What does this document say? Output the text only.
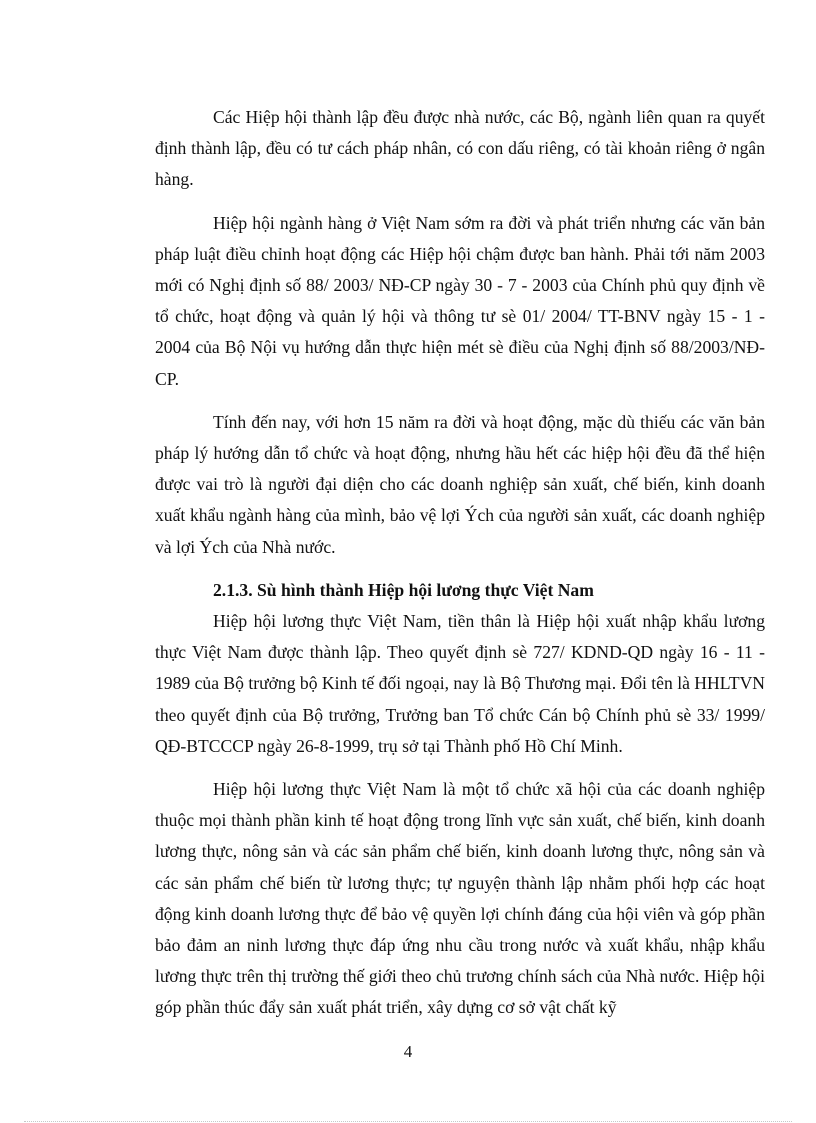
Các Hiệp hội thành lập đều được nhà nước, các Bộ, ngành liên quan ra quyết định thành lập, đều có tư cách pháp nhân, có con dấu riêng, có tài khoản riêng ở ngân hàng.

Hiệp hội ngành hàng ở Việt Nam sớm ra đời và phát triển nhưng các văn bản pháp luật điều chỉnh hoạt động các Hiệp hội chậm được ban hành. Phải tới năm 2003 mới có Nghị định số 88/ 2003/ NĐ-CP ngày 30 - 7 - 2003 của Chính phủ quy định về tổ chức, hoạt động và quản lý hội và thông tư sè 01/ 2004/ TT-BNV ngày 15 - 1 - 2004 của Bộ Nội vụ hướng dẫn thực hiện mét sè điều của Nghị định số 88/2003/NĐ-CP.

Tính đến nay, với hơn 15 năm ra đời và hoạt động, mặc dù thiếu các văn bản pháp lý hướng dẫn tổ chức và hoạt động, nhưng hầu hết các hiệp hội đều đã thể hiện được vai trò là người đại diện cho các doanh nghiệp sản xuất, chế biến, kinh doanh xuất khẩu ngành hàng của mình, bảo vệ lợi Ých của người sản xuất, các doanh nghiệp và lợi Ých của Nhà nước.

2.1.3. Sù hình thành Hiệp hội lương thực Việt Nam

Hiệp hội lương thực Việt Nam, tiền thân là Hiệp hội xuất nhập khẩu lương thực Việt Nam được thành lập. Theo quyết định sè 727/ KDND-QD ngày 16 - 11 - 1989 của Bộ trưởng bộ Kinh tế đối ngoại, nay là Bộ Thương mại. Đổi tên là HHLTVN theo quyết định của Bộ trưởng, Trưởng ban Tổ chức Cán bộ Chính phủ sè 33/ 1999/ QĐ-BTCCCP ngày 26-8-1999, trụ sở tại Thành phố Hồ Chí Minh.

Hiệp hội lương thực Việt Nam là một tổ chức xã hội của các doanh nghiệp thuộc mọi thành phần kinh tế hoạt động trong lĩnh vực sản xuất, chế biến, kinh doanh lương thực, nông sản và các sản phẩm chế biến, kinh doanh lương thực, nông sản và các sản phẩm chế biến từ lương thực; tự nguyện thành lập nhằm phối hợp các hoạt động kinh doanh lương thực để bảo vệ quyền lợi chính đáng của hội viên và góp phần bảo đảm an ninh lương thực đáp ứng nhu cầu trong nước và xuất khẩu, nhập khẩu lương thực trên thị trường thế giới theo chủ trương chính sách của Nhà nước. Hiệp hội góp phần thúc đẩy sản xuất phát triển, xây dựng cơ sở vật chất kỹ

4
